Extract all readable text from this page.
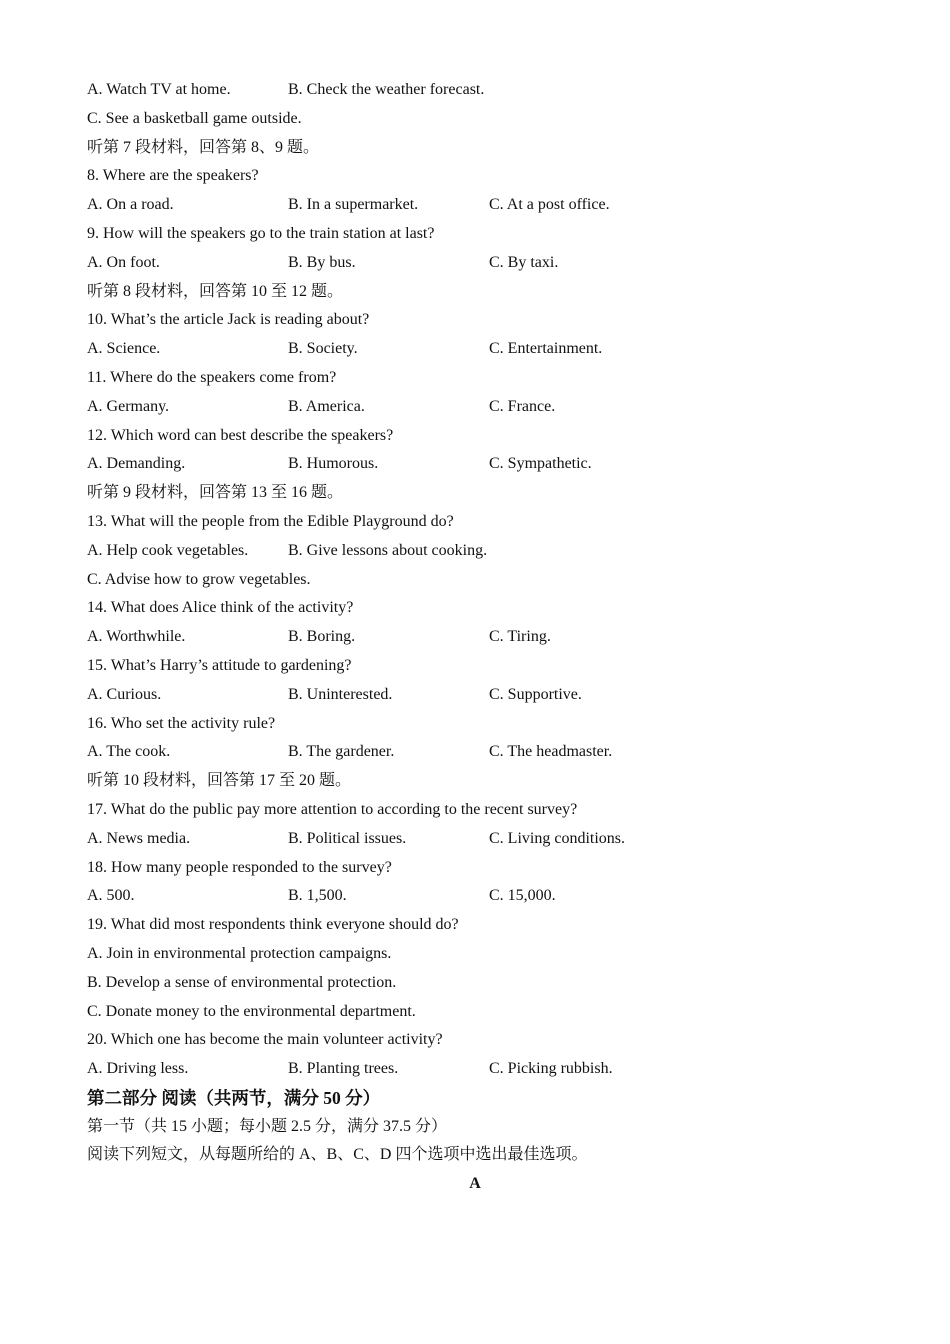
A. Watch TV at home.	B. Check the weather forecast.
C. See a basketball game outside.
听第 7 段材料，回答第 8、9 题。
8. Where are the speakers?
A. On a road.	B. In a supermarket.	C. At a post office.
9. How will the speakers go to the train station at last?
A. On foot.	B. By bus.	C. By taxi.
听第 8 段材料，回答第 10 至 12 题。
10. What’s the article Jack is reading about?
A. Science.	B. Society.	C. Entertainment.
11. Where do the speakers come from?
A. Germany.	B. America.	C. France.
12. Which word can best describe the speakers?
A. Demanding.	B. Humorous.	C. Sympathetic.
听第 9 段材料，回答第 13 至 16 题。
13. What will the people from the Edible Playground do?
A. Help cook vegetables. B. Give lessons about cooking.
C. Advise how to grow vegetables.
14. What does Alice think of the activity?
A. Worthwhile.	B. Boring.	C. Tiring.
15. What’s Harry’s attitude to gardening?
A. Curious.	B. Uninterested.	C. Supportive.
16. Who set the activity rule?
A. The cook.	B. The gardener.	C. The headmaster.
听第 10 段材料，回答第 17 至 20 题。
17. What do the public pay more attention to according to the recent survey?
A. News media.	B. Political issues.	C. Living conditions.
18. How many people responded to the survey?
A. 500.	B. 1,500.	C. 15,000.
19. What did most respondents think everyone should do?
A. Join in environmental protection campaigns.
B. Develop a sense of environmental protection.
C. Donate money to the environmental department.
20. Which one has become the main volunteer activity?
A. Driving less.	B. Planting trees.	C. Picking rubbish.
第二部分 阅读（共两节，满分 50 分）
第一节（共 15 小题；每小题 2.5 分，满分 37.5 分）
阅读下列短文，从每题所给的 A、B、C、D 四个选项中选出最佳选项。
A
